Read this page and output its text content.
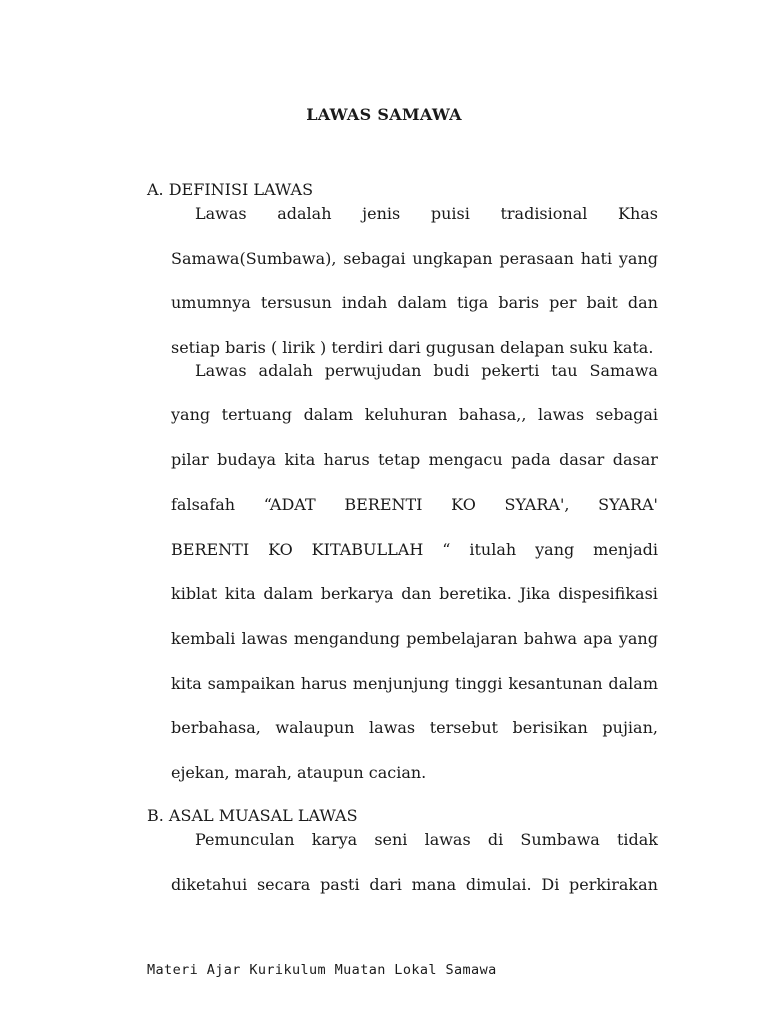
LAWAS SAMAWA
A. DEFINISI LAWAS
Lawas adalah jenis puisi tradisional Khas
Samawa(Sumbawa), sebagai ungkapan perasaan hati yang
umumnya tersusun indah dalam tiga baris per bait dan
setiap baris ( lirik ) terdiri dari gugusan delapan suku kata.
Lawas adalah perwujudan budi pekerti tau Samawa
yang tertuang dalam keluhuran bahasa,, lawas sebagai
pilar budaya kita harus tetap mengacu pada dasar dasar
falsafah “ADAT BERENTI KO SYARA', SYARA'
BERENTI KO KITABULLAH “ itulah yang menjadi
kiblat kita dalam berkarya dan beretika. Jika dispesifikasi
kembali lawas mengandung pembelajaran bahwa apa yang
kita sampaikan harus menjunjung tinggi kesantunan dalam
berbahasa, walaupun lawas tersebut berisikan pujian,
ejekan, marah, ataupun cacian.
B. ASAL MUASAL LAWAS
Pemunculan karya seni lawas di Sumbawa tidak
diketahui secara pasti dari mana dimulai. Di perkirakan
Materi Ajar Kurikulum Muatan Lokal Samawa
